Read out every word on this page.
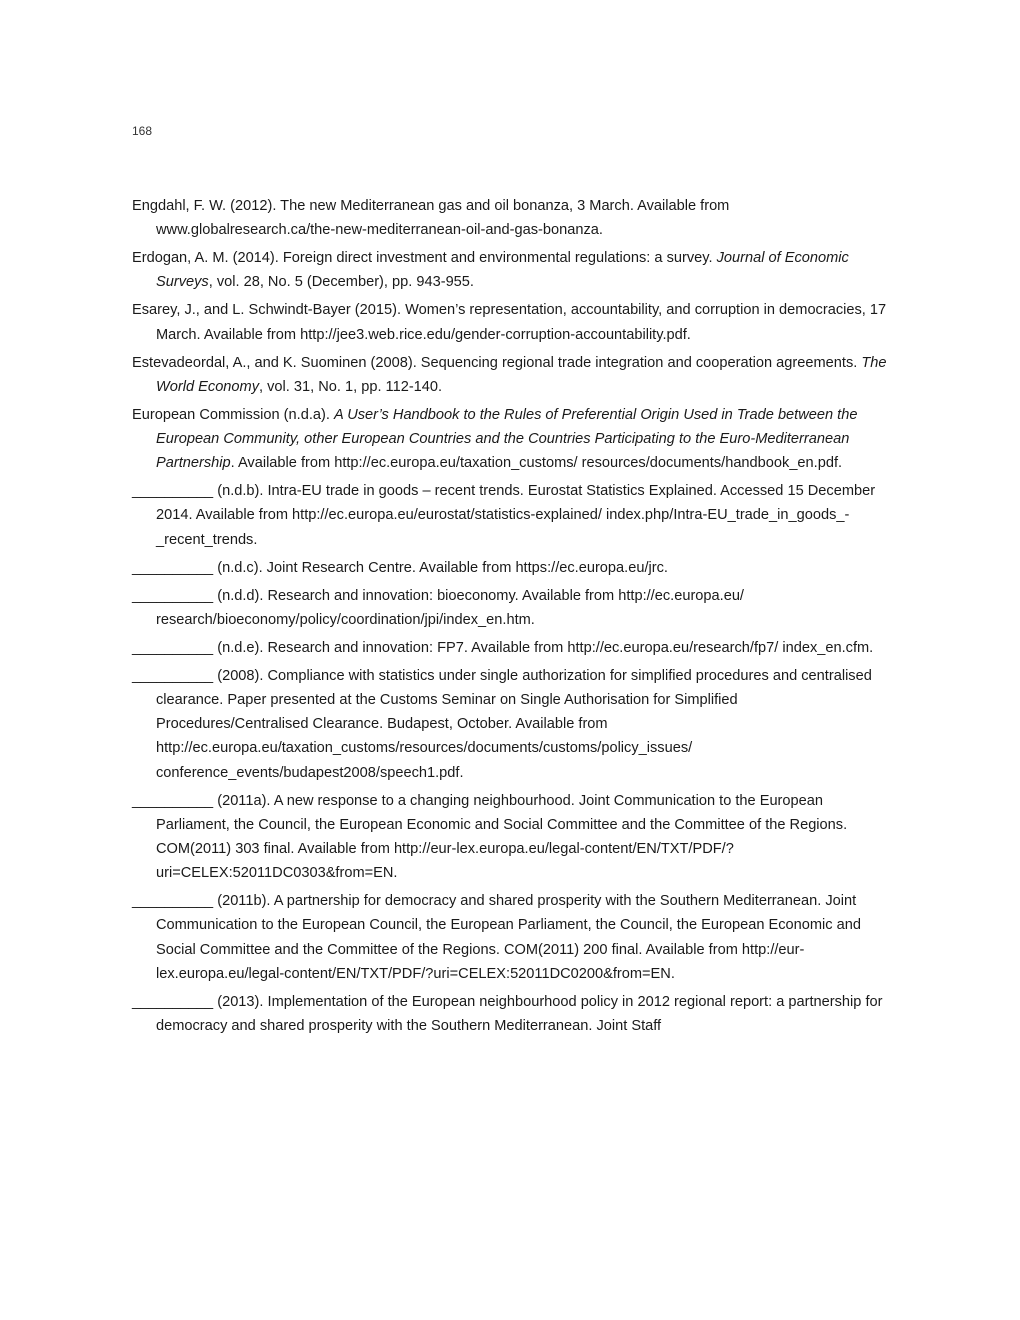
168

Engdahl, F. W. (2012). The new Mediterranean gas and oil bonanza, 3 March. Available from www.globalresearch.ca/the-new-mediterranean-oil-and-gas-bonanza.

Erdogan, A. M. (2014). Foreign direct investment and environmental regulations: a survey. Journal of Economic Surveys, vol. 28, No. 5 (December), pp. 943-955.

Esarey, J., and L. Schwindt-Bayer (2015). Women’s representation, accountability, and corruption in democracies, 17 March. Available from http://jee3.web.rice.edu/gender-corruption-accountability.pdf.

Estevadeordal, A., and K. Suominen (2008). Sequencing regional trade integration and cooperation agreements. The World Economy, vol. 31, No. 1, pp. 112-140.

European Commission (n.d.a). A User’s Handbook to the Rules of Preferential Origin Used in Trade between the European Community, other European Countries and the Countries Participating to the Euro-Mediterranean Partnership. Available from http://ec.europa.eu/taxation_customs/ resources/documents/handbook_en.pdf.

__________ (n.d.b). Intra-EU trade in goods – recent trends. Eurostat Statistics Explained. Accessed 15 December 2014. Available from http://ec.europa.eu/eurostat/statistics-explained/ index.php/Intra-EU_trade_in_goods_-_recent_trends.

__________ (n.d.c). Joint Research Centre. Available from https://ec.europa.eu/jrc.

__________ (n.d.d). Research and innovation: bioeconomy. Available from http://ec.europa.eu/ research/bioeconomy/policy/coordination/jpi/index_en.htm.

__________ (n.d.e). Research and innovation: FP7. Available from http://ec.europa.eu/research/fp7/ index_en.cfm.

__________ (2008). Compliance with statistics under single authorization for simplified procedures and centralised clearance. Paper presented at the Customs Seminar on Single Authorisation for Simplified Procedures/Centralised Clearance. Budapest, October. Available from http://ec.europa.eu/taxation_customs/resources/documents/customs/policy_issues/ conference_events/budapest2008/speech1.pdf.

__________ (2011a). A new response to a changing neighbourhood. Joint Communication to the European Parliament, the Council, the European Economic and Social Committee and the Committee of the Regions. COM(2011) 303 final. Available from http://eur-lex.europa.eu/legal-content/EN/TXT/PDF/?uri=CELEX:52011DC0303&from=EN.

__________ (2011b). A partnership for democracy and shared prosperity with the Southern Mediterranean. Joint Communication to the European Council, the European Parliament, the Council, the European Economic and Social Committee and the Committee of the Regions. COM(2011) 200 final. Available from http://eur-lex.europa.eu/legal-content/EN/TXT/PDF/?uri=CELEX:52011DC0200&from=EN.

__________ (2013). Implementation of the European neighbourhood policy in 2012 regional report: a partnership for democracy and shared prosperity with the Southern Mediterranean. Joint Staff
